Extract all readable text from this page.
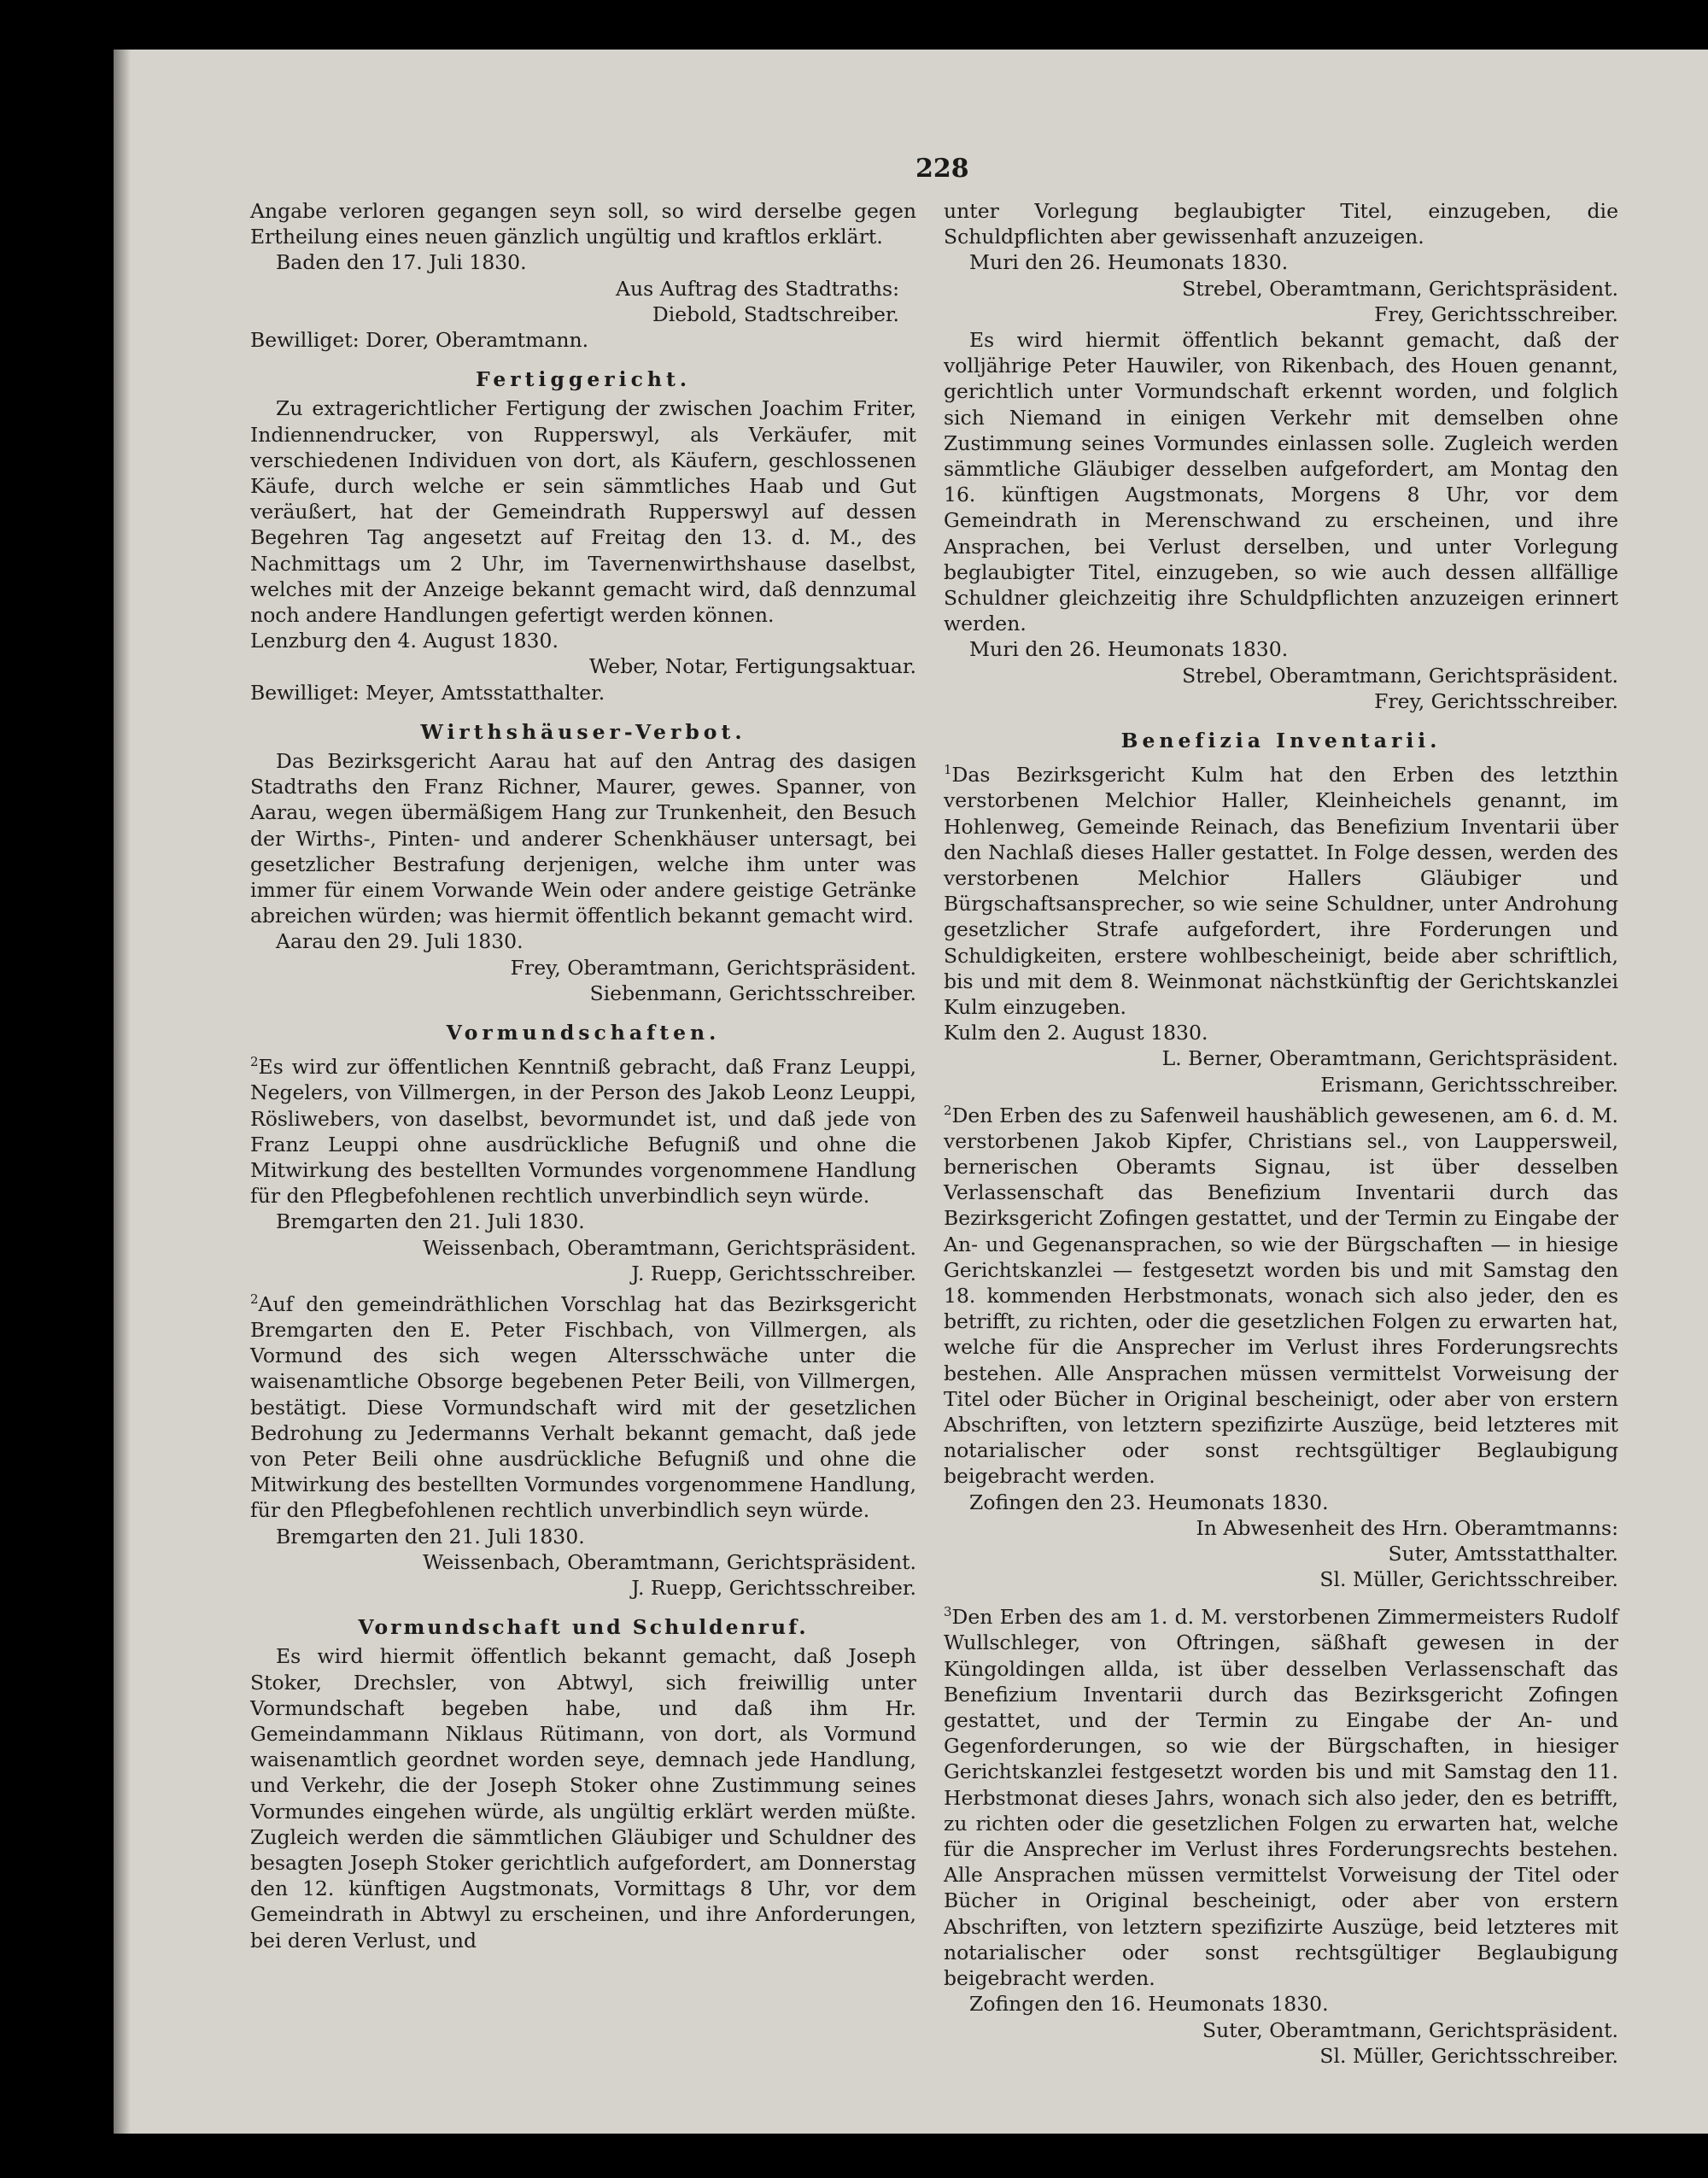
228

Angabe verloren gegangen seyn soll, so wird derselbe gegen Ertheilung eines neuen gänzlich ungültig und kraftlos erklärt.

Baden den 17. Juli 1830.

Aus Auftrag des Stadtraths:

Diebold, Stadtschreiber.

Bewilliget: Dorer, Oberamtmann.

Fertiggericht.

Zu extragerichtlicher Fertigung der zwischen Joachim Friter, Indiennendrucker, von Rupperswyl, als Verkäufer, mit verschiedenen Individuen von dort, als Käufern, geschlossenen Käufe, durch welche er sein sämmtliches Haab und Gut veräußert, hat der Gemeindrath Rupperswyl auf dessen Begehren Tag angesetzt auf Freitag den 13. d. M., des Nachmittags um 2 Uhr, im Tavernenwirthshause daselbst, welches mit der Anzeige bekannt gemacht wird, daß dennzumal noch andere Handlungen gefertigt werden können.

Lenzburg den 4. August 1830.

Weber, Notar, Fertigungsaktuar.

Bewilliget: Meyer, Amtsstatthalter.

Wirthshäuser-Verbot.

Das Bezirksgericht Aarau hat auf den Antrag des dasigen Stadtraths den Franz Richner, Maurer, gewes. Spanner, von Aarau, wegen übermäßigem Hang zur Trunkenheit, den Besuch der Wirths-, Pinten- und anderer Schenkhäuser untersagt, bei gesetzlicher Bestrafung derjenigen, welche ihm unter was immer für einem Vorwande Wein oder andere geistige Getränke abreichen würden; was hiermit öffentlich bekannt gemacht wird.

Aarau den 29. Juli 1830.

Frey, Oberamtmann, Gerichtspräsident.

Siebenmann, Gerichtsschreiber.

Vormundschaften.

$^2$Es wird zur öffentlichen Kenntniß gebracht, daß Franz Leuppi, Negelers, von Villmergen, in der Person des Jakob Leonz Leuppi, Rösliwebers, von daselbst, bevormundet ist, und daß jede von Franz Leuppi ohne ausdrückliche Befugniß und ohne die Mitwirkung des bestellten Vormundes vorgenommene Handlung für den Pflegbefohlenen rechtlich unverbindlich seyn würde.

Bremgarten den 21. Juli 1830.

Weissenbach, Oberamtmann, Gerichtspräsident.

J. Ruepp, Gerichtsschreiber.

$^2$Auf den gemeindräthlichen Vorschlag hat das Bezirksgericht Bremgarten den E. Peter Fischbach, von Villmergen, als Vormund des sich wegen Altersschwäche unter die waisenamtliche Obsorge begebenen Peter Beili, von Villmergen, bestätigt. Diese Vormundschaft wird mit der gesetzlichen Bedrohung zu Jedermanns Verhalt bekannt gemacht, daß jede von Peter Beili ohne ausdrückliche Befugniß und ohne die Mitwirkung des bestellten Vormundes vorgenommene Handlung, für den Pflegbefohlenen rechtlich unverbindlich seyn würde.

Bremgarten den 21. Juli 1830.

Weissenbach, Oberamtmann, Gerichtspräsident.

J. Ruepp, Gerichtsschreiber.

Vormundschaft und Schuldenruf.

Es wird hiermit öffentlich bekannt gemacht, daß Joseph Stoker, Drechsler, von Abtwyl, sich freiwillig unter Vormundschaft begeben habe, und daß ihm Hr. Gemeindammann Niklaus Rütimann, von dort, als Vormund waisenamtlich geordnet worden seye, demnach jede Handlung, und Verkehr, die der Joseph Stoker ohne Zustimmung seines Vormundes eingehen würde, als ungültig erklärt werden müßte. Zugleich werden die sämmtlichen Gläubiger und Schuldner des besagten Joseph Stoker gerichtlich aufgefordert, am Donnerstag den 12. künftigen Augstmonats, Vormittags 8 Uhr, vor dem Gemeindrath in Abtwyl zu erscheinen, und ihre Anforderungen, bei deren Verlust, und

unter Vorlegung beglaubigter Titel, einzugeben, die Schuldpflichten aber gewissenhaft anzuzeigen.

Muri den 26. Heumonats 1830.

Strebel, Oberamtmann, Gerichtspräsident.

Frey, Gerichtsschreiber.

Es wird hiermit öffentlich bekannt gemacht, daß der volljährige Peter Hauwiler, von Rikenbach, des Houen genannt, gerichtlich unter Vormundschaft erkennt worden, und folglich sich Niemand in einigen Verkehr mit demselben ohne Zustimmung seines Vormundes einlassen solle. Zugleich werden sämmtliche Gläubiger desselben aufgefordert, am Montag den 16. künftigen Augstmonats, Morgens 8 Uhr, vor dem Gemeindrath in Merenschwand zu erscheinen, und ihre Ansprachen, bei Verlust derselben, und unter Vorlegung beglaubigter Titel, einzugeben, so wie auch dessen allfällige Schuldner gleichzeitig ihre Schuldpflichten anzuzeigen erinnert werden.

Muri den 26. Heumonats 1830.

Strebel, Oberamtmann, Gerichtspräsident.

Frey, Gerichtsschreiber.

Benefizia Inventarii.

$^1$Das Bezirksgericht Kulm hat den Erben des letzthin verstorbenen Melchior Haller, Kleinheichels genannt, im Hohlenweg, Gemeinde Reinach, das Benefizium Inventarii über den Nachlaß dieses Haller gestattet. In Folge dessen, werden des verstorbenen Melchior Hallers Gläubiger und Bürgschaftsansprecher, so wie seine Schuldner, unter Androhung gesetzlicher Strafe aufgefordert, ihre Forderungen und Schuldigkeiten, erstere wohlbescheinigt, beide aber schriftlich, bis und mit dem 8. Weinmonat nächstkünftig der Gerichtskanzlei Kulm einzugeben.

Kulm den 2. August 1830.

L. Berner, Oberamtmann, Gerichtspräsident.

Erismann, Gerichtsschreiber.

$^2$Den Erben des zu Safenweil haushäblich gewesenen, am 6. d. M. verstorbenen Jakob Kipfer, Christians sel., von Lauppersweil, bernerischen Oberamts Signau, ist über desselben Verlassenschaft das Benefizium Inventarii durch das Bezirksgericht Zofingen gestattet, und der Termin zu Eingabe der An- und Gegenansprachen, so wie der Bürgschaften — in hiesige Gerichtskanzlei — festgesetzt worden bis und mit Samstag den 18. kommenden Herbstmonats, wonach sich also jeder, den es betrifft, zu richten, oder die gesetzlichen Folgen zu erwarten hat, welche für die Ansprecher im Verlust ihres Forderungsrechts bestehen. Alle Ansprachen müssen vermittelst Vorweisung der Titel oder Bücher in Original bescheinigt, oder aber von erstern Abschriften, von letztern spezifizirte Auszüge, beid letzteres mit notarialischer oder sonst rechtsgültiger Beglaubigung beigebracht werden.

Zofingen den 23. Heumonats 1830.

In Abwesenheit des Hrn. Oberamtmanns:

Suter, Amtsstatthalter.

Sl. Müller, Gerichtsschreiber.

$^3$Den Erben des am 1. d. M. verstorbenen Zimmermeisters Rudolf Wullschleger, von Oftringen, säßhaft gewesen in der Küngoldingen allda, ist über desselben Verlassenschaft das Benefizium Inventarii durch das Bezirksgericht Zofingen gestattet, und der Termin zu Eingabe der An- und Gegenforderungen, so wie der Bürgschaften, in hiesiger Gerichtskanzlei festgesetzt worden bis und mit Samstag den 11. Herbstmonat dieses Jahrs, wonach sich also jeder, den es betrifft, zu richten oder die gesetzlichen Folgen zu erwarten hat, welche für die Ansprecher im Verlust ihres Forderungsrechts bestehen. Alle Ansprachen müssen vermittelst Vorweisung der Titel oder Bücher in Original bescheinigt, oder aber von erstern Abschriften, von letztern spezifizirte Auszüge, beid letzteres mit notarialischer oder sonst rechtsgültiger Beglaubigung beigebracht werden.

Zofingen den 16. Heumonats 1830.

Suter, Oberamtmann, Gerichtspräsident.

Sl. Müller, Gerichtsschreiber.
